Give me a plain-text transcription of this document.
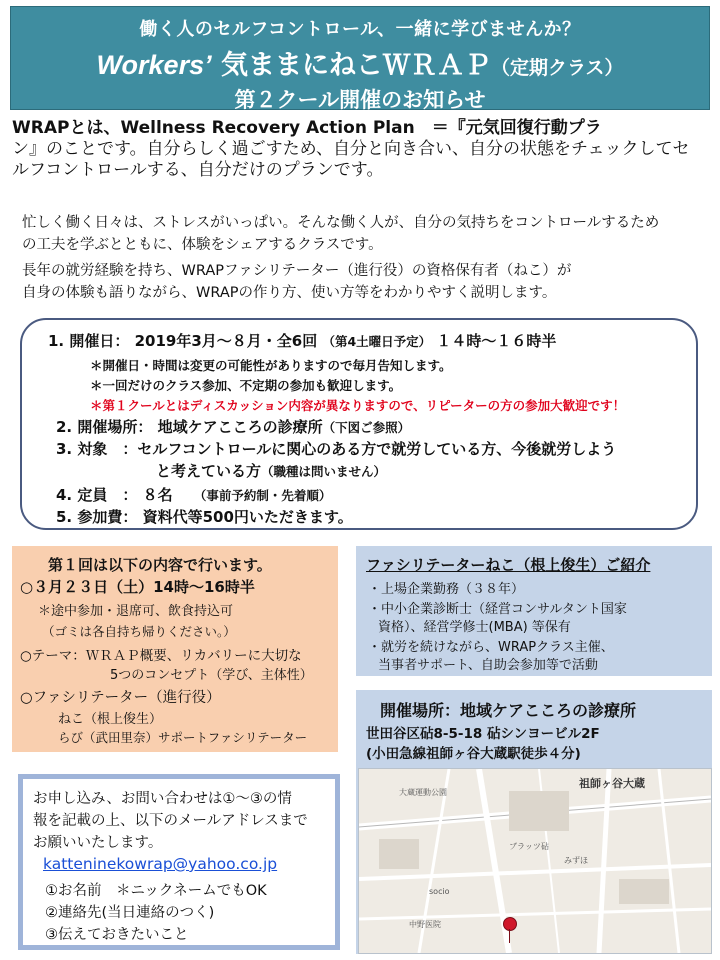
働く人のセルフコントロール、一緒に学びませんか？
Workers’ 気ままにねこＷＲＡＰ（定期クラス）
第２クール開催のお知らせ
WRAPとは、Wellness Recovery Action Plan　＝『元気回復行動プラ
ン』のことです。自分らしく過ごすため、自分と向き合い、自分の状態をチェックしてセ
ルフコントロールする、自分だけのプランです。
忙しく働く日々は、ストレスがいっぱい。そんな働く人が、自分の気持ちをコントロールするため
の工夫を学ぶとともに、体験をシェアするクラスです。
長年の就労経験を持ち、WRAPファシリテーター（進行役）の資格保有者（ねこ）が
自身の体験も語りながら、WRAPの作り方、使い方等をわかりやすく説明します。
1. 開催日： 2019年3月～８月・全6回 （第4土曜日予定） １４時～１６時半
＊開催日・時間は変更の可能性がありますので毎月告知します。
＊一回だけのクラス参加、不定期の参加も歓迎します。
＊第１クールとはディスカッション内容が異なりますので、リピーターの方の参加大歓迎です！
2. 開催場所： 地域ケアこころの診療所（下図ご参照）
3. 対象　：セルフコントロールに関心のある方で就労している方、今後就労しよう
と考えている方（職種は問いません）
4. 定員　： ８名 （事前予約制・先着順）
5. 参加費： 資料代等500円いただきます。
第１回は以下の内容で行います。
○３月２３日（土）14時～16時半
＊途中参加・退席可、飲食持込可
（ゴミは各自持ち帰りください。）
○テーマ：ＷＲＡＰ概要、リカバリーに大切な
5つのコンセプト（学び、主体性）
○ファシリテーター（進行役）
ねこ（根上俊生）
らび（武田里奈）サポートファシリテーター
ファシリテーターねこ（根上俊生）ご紹介
・上場企業勤務（３８年）
・中小企業診断士（経営コンサルタント国家
資格）、経営学修士(MBA) 等保有
・就労を続けながら、WRAPクラス主催、
当事者サポート、自助会参加等で活動
開催場所：地域ケアこころの診療所
世田谷区砧8-5-18 砧シンヨービル2F
(小田急線祖師ヶ谷大蔵駅徒歩４分)
祖師ヶ谷大蔵
大蔵運動公園
ブラッツ砧
みずほ
socio
中野医院
お申し込み、お問い合わせは①～③の情
報を記載の上、以下のメールアドレスまで
お願いいたします。
katteninekowrap@yahoo.co.jp
①お名前　＊ニックネームでもOK
②連絡先(当日連絡のつく)
③伝えておきたいこと
